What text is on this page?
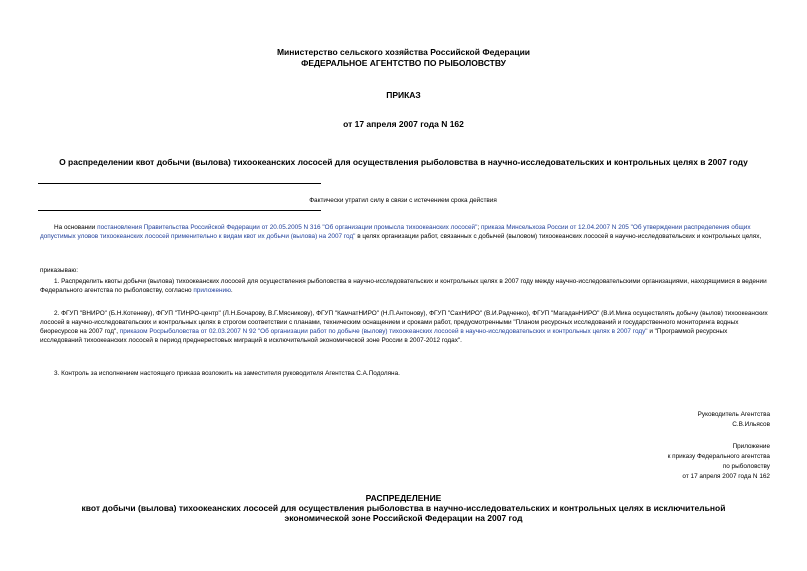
Министерство сельского хозяйства Российской Федерации
ФЕДЕРАЛЬНОЕ АГЕНТСТВО ПО РЫБОЛОВСТВУ
ПРИКАЗ
от 17 апреля 2007 года N 162
О распределении квот добычи (вылова) тихоокеанских лососей для осуществления рыболовства в научно-исследовательских и контрольных целях в 2007 году
Фактически утратил силу в связи с истечением срока действия
На основании постановления Правительства Российской Федерации от 20.05.2005 N 316 "Об организации промысла тихоокеанских лососей"; приказа Минсельхоза России от 12.04.2007 N 205 "Об утверждении распределения общих допустимых уловов тихоокеанских лососей применительно к видам квот их добычи (вылова) на 2007 год" в целях организации работ, связанных с добычей (выловом) тихоокеанских лососей в научно-исследовательских и контрольных целях,
приказываю:
1. Распределить квоты добычи (вылова) тихоокеанских лососей для осуществления рыболовства в научно-исследовательских и контрольных целях в 2007 году между научно-исследовательскими организациями, находящимися в ведении Федерального агентства по рыболовству, согласно приложению.
2. ФГУП "ВНИРО" (Б.Н.Котеневу), ФГУП "ТИНРО-центр" (Л.Н.Бочарову, В.Г.Мясникову), ФГУП "КамчатНИРО" (Н.П.Антонову), ФГУП "СахНИРО" (В.И.Радченко), ФГУП "МагаданНИРО" (В.И.Мика осуществлять добычу (вылов) тихоокеанских лососей в научно-исследовательских и контрольных целях в строгом соответствии с планами, техническим оснащением и сроками работ, предусмотренными "Планом ресурсных исследований и государственного мониторинга водных биоресурсов на 2007 год", приказом Росрыболовства от 02.03.2007 N 92 "Об организации работ по добыче (вылову) тихоокеанских лососей в научно-исследовательских и контрольных целях в 2007 году" и "Программой ресурсных исследований тихоокеанских лососей в период преднерестовых миграций в исключительной экономической зоне России в 2007-2012 годах".
3. Контроль за исполнением настоящего приказа возложить на заместителя руководителя Агентства С.А.Подоляна.
Руководитель Агентства
С.В.Ильясов
Приложение
к приказу Федерального агентства
по рыболовству
от 17 апреля 2007 года N 162
РАСПРЕДЕЛЕНИЕ
квот добычи (вылова) тихоокеанских лососей для осуществления рыболовства в научно-исследовательских и контрольных целях в исключительной
экономической зоне Российской Федерации на 2007 год
